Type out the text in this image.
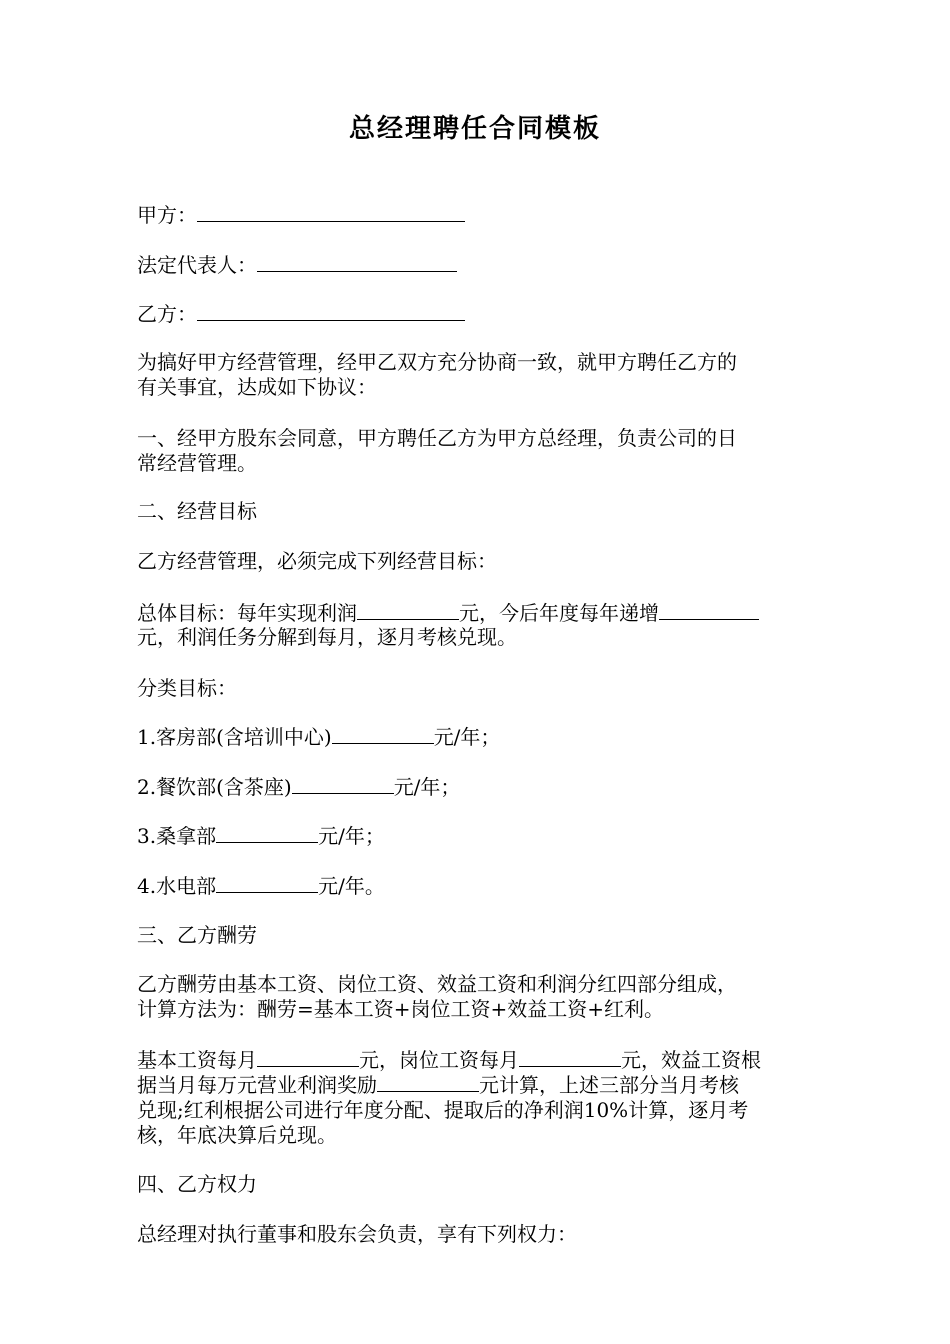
总经理聘任合同模板
甲方：
法定代表人：
乙方：
为搞好甲方经营管理，经甲乙双方充分协商一致，就甲方聘任乙方的
有关事宜，达成如下协议：
一、经甲方股东会同意，甲方聘任乙方为甲方总经理，负责公司的日
常经营管理。
二、经营目标
乙方经营管理，必须完成下列经营目标：
总体目标：每年实现利润	元，今后年度每年递增
元，利润任务分解到每月，逐月考核兑现。
分类目标：
1.客房部(含培训中心)	元/年；
2.餐饮部(含茶座)	元/年；
3.桑拿部	元/年；
4.水电部	元/年。
三、乙方酬劳
乙方酬劳由基本工资、岗位工资、效益工资和利润分红四部分组成，
计算方法为：酬劳=基本工资+岗位工资+效益工资+红利。
基本工资每月	元，岗位工资每月	元，效益工资根
据当月每万元营业利润奖励	元计算，上述三部分当月考核
兑现;红利根据公司进行年度分配、提取后的净利润10%计算，逐月考
核，年底决算后兑现。
四、乙方权力
总经理对执行董事和股东会负责，享有下列权力：
